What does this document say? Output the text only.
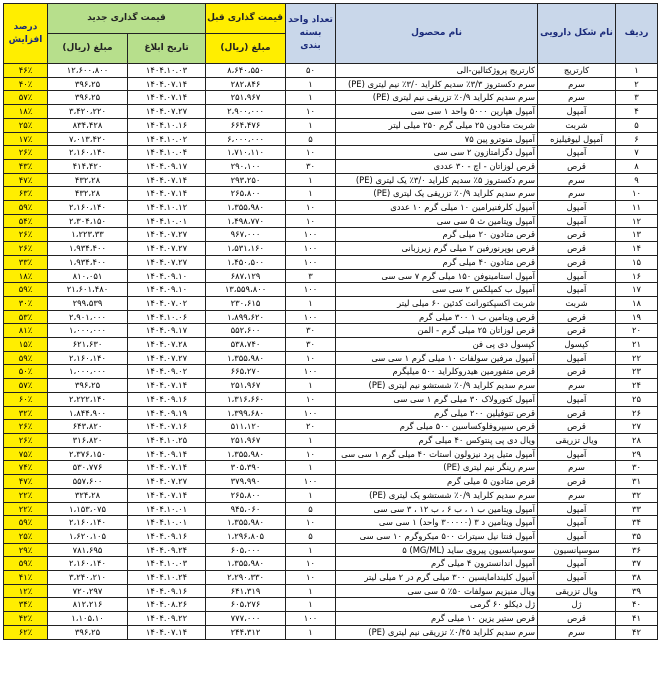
ردیف	نام شکل دارویی	نام محصول	تعداد واحد بسته بندی	قیمت گذاری قبل	قیمت گذاری جدید		درصد افزایش
				مبلغ (ریال)	تاریخ ابلاغ	مبلغ (ریال)	
۱	کارتریج	کارتریج پروژکتالین-الی	۵۰	۸،۶۴۰،۵۵۰	۱۴۰۴.۱۰.۰۳	۱۲،۶۰۰،۸۰۰	۴۶٪
۲	سرم	سرم دکستروز ۳/۳٪ سدیم کلراید ۳/۰٪ نیم لیتری (PE)	۱	۲۸۲،۸۴۶	۱۴۰۴.۰۷.۱۴	۳۹۶،۲۵	۴۰٪
۳	سرم	سرم سدیم کلراید ۰/۹٪ تزریقی نیم لیتری (PE)	۱	۲۵۱،۹۶۷	۱۴۰۴.۰۷.۱۴	۳۹۶،۲۵	۵۷٪
۴	آمپول	آمپول هپارین ۵۰۰۰ واحد ۱ سی سی	۱۰	۲،۹۰۰،۰۰۰	۱۴۰۴.۰۷.۲۷	۳،۴۲۰،۲۲۰	۱۸٪
۵	شربت	شربت متادون ۲۵ میلی گرم ۲۵۰ میلی لیتر	۱	۶۶۴،۴۷۶	۱۴۰۴.۱۰.۱۶	۸۳۴،۴۲۸	۲۵٪
۶	آمپول لیوفیلیزه	آمپول منوترو پین ۷۵	۵	۶،۰۰۰،۰۰۰	۱۴۰۴.۱۰.۰۲	۷،۰۱۳،۴۲۰	۱۷٪
۷	آمپول	آمپول دگزامتازون ۲ سی سی	۱۰	۱،۷۱۰،۱۱۰	۱۴۰۴.۱۰.۰۴	۲،۱۶۰،۱۴۰	۲۶٪
۸	قرص	قرص لوزاتان - اچ - ۳۰ عددی	۳۰	۲۹۰،۱۰۰	۱۴۰۴.۰۹.۱۷	۴۱۴،۴۲۰	۴۳٪
۹	سرم	سرم دکستروز ۵٪ سدیم کلراید ۳/۰٪ یک لیتری (PE)	۱	۲۹۳،۲۵۰	۱۴۰۴.۰۷.۱۴	۴۳۲،۲۸	۴۷٪
۱۰	سرم	سرم سدیم کلراید ۰/۹٪ تزریقی یک لیتری (PE)	۱	۲۶۵،۸۰۰	۱۴۰۴.۰۷.۱۴	۴۳۲،۲۸	۶۳٪
۱۱	آمپول	آمپول کلرفنیرامین ۱۰ میلی گرم ۱۰ عددی	۱۰	۱،۳۵۵،۹۸۰	۱۴۰۴.۱۰.۱۲	۲،۱۶۰،۱۴۰	۵۹٪
۱۲	آمپول	آمپول ویتامین ث ۵ سی سی	۱۰	۱،۴۹۸،۷۷۰	۱۴۰۴.۱۰.۰۱	۲،۳۰۴،۱۵۰	۵۴٪
۱۳	قرص	قرص متادون ۲۰ میلی گرم	۱۰۰	۹۶۷،۰۰۰	۱۴۰۴.۰۷.۲۷	۱،۲۲۳،۳۳	۲۶٪
۱۴	قرص	قرص بوپرنورفین ۲ میلی گرم زیرزبانی	۱۰۰	۱،۵۳۱،۱۶۰	۱۴۰۴.۰۷.۲۷	۱،۹۳۴،۴۰۰	۲۶٪
۱۵	قرص	قرص متادون ۴۰ میلی گرم	۱۰۰	۱،۴۵۰،۵۰۰	۱۴۰۴.۰۷.۲۷	۱،۹۳۴،۴۰۰	۳۳٪
۱۶	آمپول	آمپول استامینوفن ۱۵۰ میلی گرم ۷ سی سی	۳	۶۸۷،۱۲۹	۱۴۰۴.۰۹.۱۰	۸۱۰،۰۵۱	۱۸٪
۱۷	آمپول	آمپول ب کمپلکس ۲ سی سی	۱۰۰	۱۳،۵۵۹،۸۰۰	۱۴۰۴.۰۹.۱۰	۲۱،۶۰۱،۴۸۰	۵۹٪
۱۸	شربت	شربت اکسپکتورانت کدئین ۶۰ میلی لیتر	۱	۲۳۰،۶۱۵	۱۴۰۴.۰۷.۰۲	۲۹۹،۵۳۹	۳۰٪
۱۹	قرص	قرص ویتامین ب ۱ ۳۰۰ میلی گرم	۱۰۰	۱،۸۹۹،۶۲۰	۱۴۰۴.۱۰.۰۶	۲،۹۰۱،۰۰۰	۵۳٪
۲۰	قرص	قرص لوزاتان ۲۵ میلی گرم - المن	۳۰	۵۵۲،۶۰۰	۱۴۰۴.۰۹.۱۷	۱،۰۰۰،۰۰۰	۸۱٪
۲۱	کپسول	کپسول دی پی فن	۳۰	۵۳۸،۷۴۰	۱۴۰۴.۰۷.۲۸	۶۲۱،۶۳۰	۱۵٪
۲۲	آمپول	آمپول مرفین سولفات ۱۰ میلی گرم ۱ سی سی	۱۰	۱،۳۵۵،۹۸۰	۱۴۰۴.۰۷.۲۷	۲،۱۶۰،۱۴۰	۵۹٪
۲۳	قرص	قرص متفورمین هیدروکلراید ۵۰۰ میلیگرم	۱۰۰	۶۶۵،۲۷۰	۱۴۰۴.۰۹.۰۲	۱،۰۰۰،۰۰۰	۵۰٪
۲۴	سرم	سرم سدیم کلراید ۰/۹٪ شستشو نیم لیتری (PE)	۱	۲۵۱،۹۶۷	۱۴۰۴.۰۷.۱۴	۳۹۶،۲۵	۵۷٪
۲۵	آمپول	آمپول کتورولاک ۳۰ میلی گرم ۱ سی سی	۱۰	۱،۳۱۶،۶۶۰	۱۴۰۴.۰۹.۱۶	۲،۲۲۲،۱۴۰	۶۰٪
۲۶	قرص	قرص تنوفیلین ۲۰۰ میلی گرم	۱۰۰	۱،۳۹۹،۶۸۰	۱۴۰۴.۰۹.۱۹	۱،۸۴۴،۹۰۰	۳۲٪
۲۷	قرص	قرص سیپروفلوکساسین ۵۰۰ میلی گرم	۲۰	۵۱۱،۱۲۰	۱۴۰۴.۰۷.۱۶	۶۴۳،۸۲۰	۲۶٪
۲۸	ویال تزریقی	ویال دی پی پنتوکس ۴۰ میلی گرم	۱	۲۵۱،۹۶۷	۱۴۰۴.۱۰.۲۵	۳۱۶،۸۲۰	۲۶٪
۲۹	آمپول	آمپول متیل پرد نیزولون استات ۴۰ میلی گرم ۱ سی سی	۱۰	۱،۳۵۵،۹۸۰	۱۴۰۴.۰۹.۱۴	۲،۳۷۶،۱۵۰	۷۵٪
۳۰	سرم	سرم رینگر نیم لیتری (PE)	۱	۳۰۵،۳۹۰	۱۴۰۴.۰۷.۱۴	۵۳۰،۷۷۶	۷۴٪
۳۱	قرص	قرص متادون ۵ میلی گرم	۱۰۰	۳۷۹،۹۹۰	۱۴۰۴.۰۷.۲۷	۵۵۷،۶۰۰	۴۷٪
۳۲	سرم	سرم سدیم کلراید ۰/۹٪ شستشو یک لیتری (PE)	۱	۲۶۵،۸۰۰	۱۴۰۴.۰۷.۱۴	۳۲۴،۲۸	۲۲٪
۳۳	آمپول	آمپول ویتامین ب ۱ ، ب ۶ ، ب ۱۲ ، ۳ سی سی	۵	۹۴۵،۰۶۰	۱۴۰۴.۱۰.۰۱	۱،۱۵۳،۰۷۵	۲۲٪
۳۴	آمپول	آمپول ویتامین د ۳ (۳۰۰۰۰۰ واحد) ۱ سی سی	۱۰	۱،۳۵۵،۹۸۰	۱۴۰۴.۱۰.۰۱	۲،۱۶۰،۱۴۰	۵۹٪
۳۵	آمپول	آمپول فنتا نیل سیترات ۵۰۰ میکروگرم ۱۰ سی سی	۵	۱،۲۹۶،۸۰۵	۱۴۰۴.۰۹.۱۶	۱،۶۲۰،۱۰۵	۲۵٪
۳۶	سوسپانسیون	سوسپانسیون پیروی ساید (MG/ML) ۵	۱	۶۰۵،۰۰۰	۱۴۰۴.۰۹.۲۴	۷۸۱،۶۹۵	۲۹٪
۳۷	آمپول	آمپول اندانسترون ۴ میلی گرم	۱۰	۱،۳۵۵،۹۸۰	۱۴۰۴.۱۰.۰۳	۲،۱۶۰،۱۴۰	۵۹٪
۳۸	آمپول	آمپول کلیندامایسین ۳۰۰ میلی گرم در ۲ میلی لیتر	۱۰	۲،۲۹۰،۳۳۰	۱۴۰۴.۱۰.۲۴	۳،۲۴۰،۲۱۰	۴۱٪
۳۹	ویال تزریقی	ویال منیزیم سولفات ۵۰٪ ۵ سی سی	۱	۶۴۱،۳۱۹	۱۴۰۴.۰۹.۱۶	۷۲۰،۲۹۷	۱۲٪
۴۰	ژل	ژل دیکلو ۶۰ گرمی	۱	۶۰۵،۲۷۶	۱۴۰۴.۰۸.۲۶	۸۱۲،۲۱۶	۳۴٪
۴۱	قرص	قرص ستیر یزین ۱۰ میلی گرم	۱۰۰	۷۷۷،۰۰۰	۱۴۰۴.۰۹.۲۲	۱،۱۰۵،۱۰	۴۲٪
۴۲	سرم	سرم سدیم کلراید ۰/۴۵٪ تزریقی نیم لیتری (PE)	۱	۲۴۴،۳۱۲	۱۴۰۴.۰۷.۱۴	۳۹۶،۲۵	۶۲٪
